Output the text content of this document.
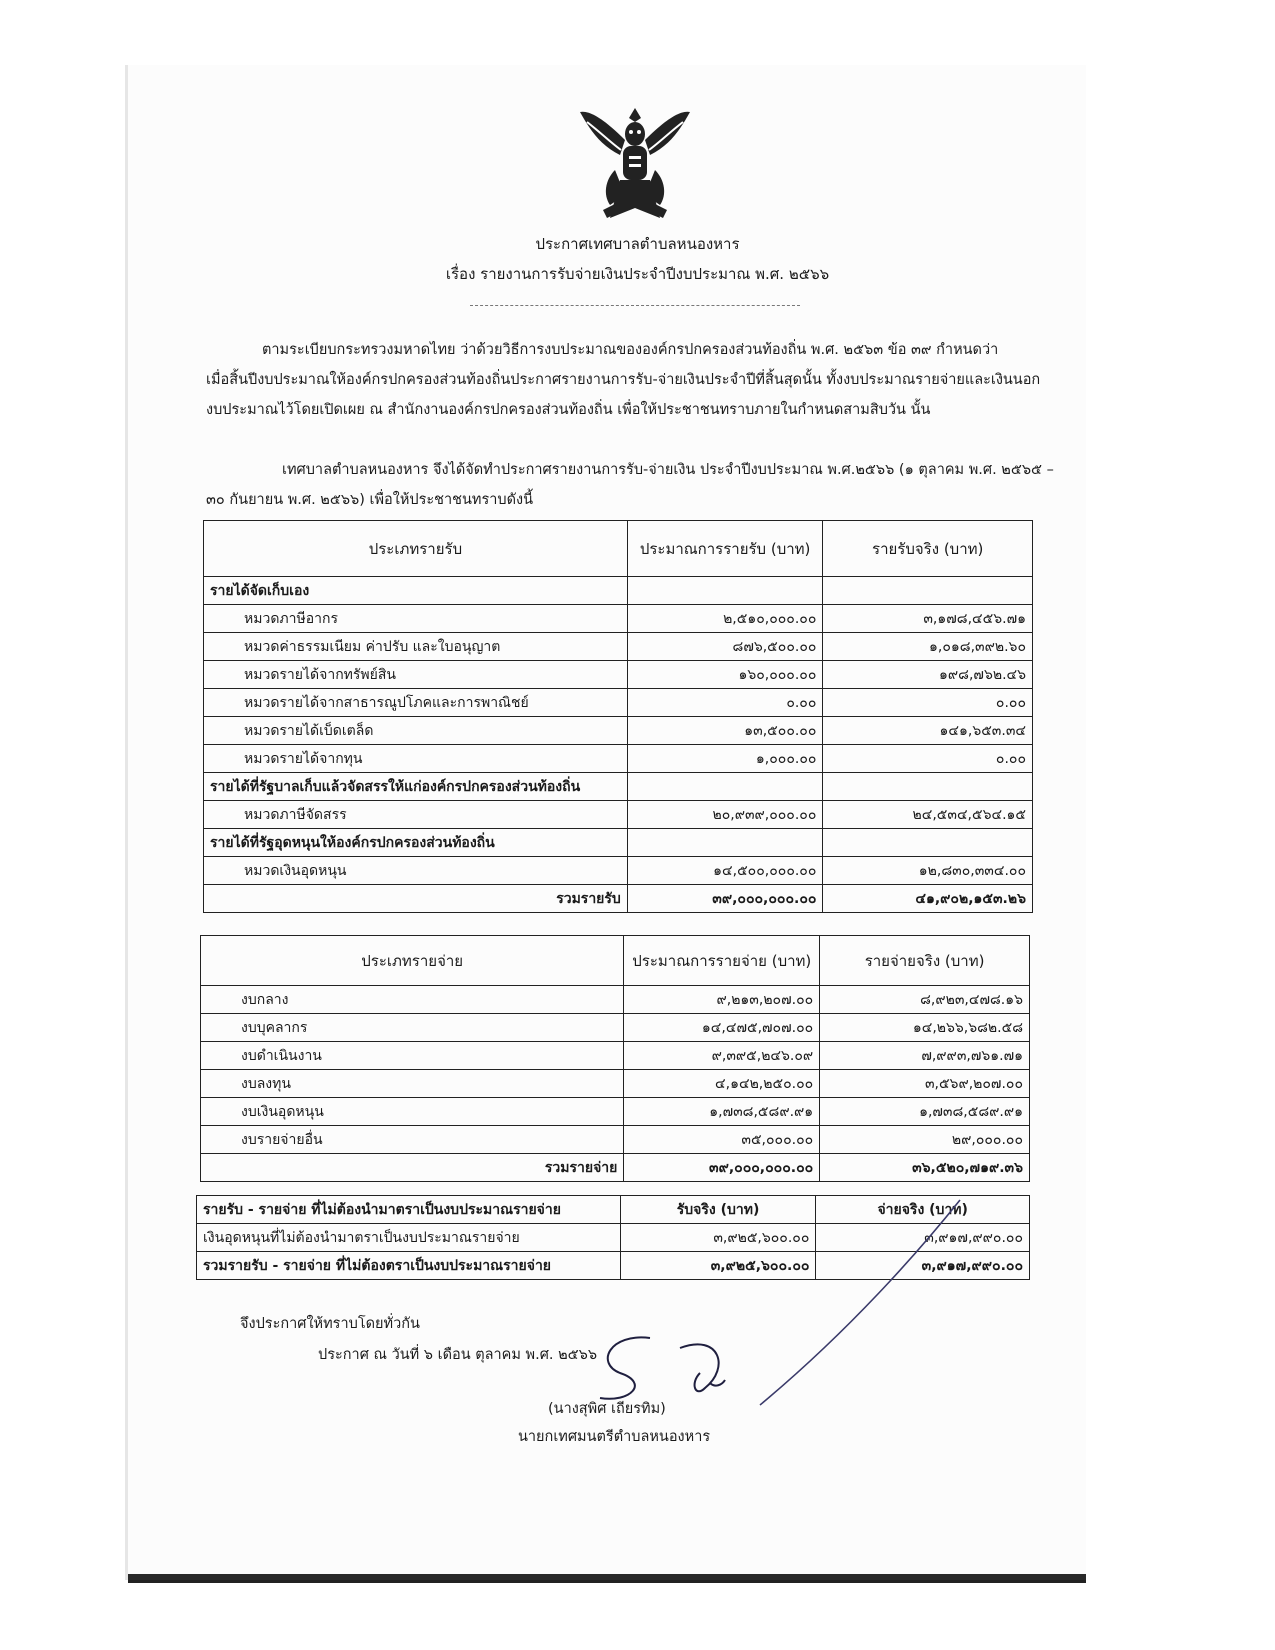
ประกาศเทศบาลตำบลหนองหาร
เรื่อง รายงานการรับจ่ายเงินประจำปีงบประมาณ พ.ศ. ๒๕๖๖
ตามระเบียบกระทรวงมหาดไทย ว่าด้วยวิธีการงบประมาณขององค์กรปกครองส่วนท้องถิ่น พ.ศ. ๒๕๖๓ ข้อ ๓๙ กำหนดว่า
เมื่อสิ้นปีงบประมาณให้องค์กรปกครองส่วนท้องถิ่นประกาศรายงานการรับ-จ่ายเงินประจำปีที่สิ้นสุดนั้น ทั้งงบประมาณรายจ่ายและเงินนอก
งบประมาณไว้โดยเปิดเผย ณ สำนักงานองค์กรปกครองส่วนท้องถิ่น เพื่อให้ประชาชนทราบภายในกำหนดสามสิบวัน นั้น
เทศบาลตำบลหนองหาร จึงได้จัดทำประกาศรายงานการรับ-จ่ายเงิน ประจำปีงบประมาณ พ.ศ.๒๕๖๖ (๑ ตุลาคม พ.ศ. ๒๕๖๕ –
๓๐ กันยายน พ.ศ. ๒๕๖๖) เพื่อให้ประชาชนทราบดังนี้
ประเภทรายรับ	ประมาณการรายรับ (บาท)	รายรับจริง (บาท)
รายได้จัดเก็บเอง		
หมวดภาษีอากร	๒,๕๑๐,๐๐๐.๐๐	๓,๑๗๘,๔๕๖.๗๑
หมวดค่าธรรมเนียม ค่าปรับ และใบอนุญาต	๘๗๖,๕๐๐.๐๐	๑,๐๑๘,๓๙๒.๖๐
หมวดรายได้จากทรัพย์สิน	๑๖๐,๐๐๐.๐๐	๑๙๘,๗๖๒.๔๖
หมวดรายได้จากสาธารณูปโภคและการพาณิชย์	๐.๐๐	๐.๐๐
หมวดรายได้เบ็ดเตล็ด	๑๓,๕๐๐.๐๐	๑๔๑,๖๕๓.๓๔
หมวดรายได้จากทุน	๑,๐๐๐.๐๐	๐.๐๐
รายได้ที่รัฐบาลเก็บแล้วจัดสรรให้แก่องค์กรปกครองส่วนท้องถิ่น		
หมวดภาษีจัดสรร	๒๐,๙๓๙,๐๐๐.๐๐	๒๔,๕๓๔,๕๖๔.๑๕
รายได้ที่รัฐอุดหนุนให้องค์กรปกครองส่วนท้องถิ่น		
หมวดเงินอุดหนุน	๑๔,๕๐๐,๐๐๐.๐๐	๑๒,๘๓๐,๓๓๔.๐๐
รวมรายรับ	๓๙,๐๐๐,๐๐๐.๐๐	๔๑,๙๐๒,๑๕๓.๒๖
ประเภทรายจ่าย	ประมาณการรายจ่าย (บาท)	รายจ่ายจริง (บาท)
งบกลาง	๙,๒๑๓,๒๐๗.๐๐	๘,๙๒๓,๔๗๘.๑๖
งบบุคลากร	๑๔,๔๗๕,๗๐๗.๐๐	๑๔,๒๖๖,๖๘๒.๕๘
งบดำเนินงาน	๙,๓๙๕,๒๔๖.๐๙	๗,๙๙๓,๗๖๑.๗๑
งบลงทุน	๔,๑๔๒,๒๕๐.๐๐	๓,๕๖๙,๒๐๗.๐๐
งบเงินอุดหนุน	๑,๗๓๘,๕๘๙.๙๑	๑,๗๓๘,๕๘๙.๙๑
งบรายจ่ายอื่น	๓๕,๐๐๐.๐๐	๒๙,๐๐๐.๐๐
รวมรายจ่าย	๓๙,๐๐๐,๐๐๐.๐๐	๓๖,๕๒๐,๗๑๙.๓๖
รายรับ - รายจ่าย ที่ไม่ต้องนำมาตราเป็นงบประมาณรายจ่าย	รับจริง (บาท)	จ่ายจริง (บาท)
เงินอุดหนุนที่ไม่ต้องนำมาตราเป็นงบประมาณรายจ่าย	๓,๙๒๕,๖๐๐.๐๐	๓,๙๑๗,๙๙๐.๐๐
รวมรายรับ - รายจ่าย ที่ไม่ต้องตราเป็นงบประมาณรายจ่าย	๓,๙๒๕,๖๐๐.๐๐	๓,๙๑๗,๙๙๐.๐๐
จึงประกาศให้ทราบโดยทั่วกัน
ประกาศ ณ วันที่ ๖ เดือน ตุลาคม พ.ศ. ๒๕๖๖
(นางสุพิศ เถียรทิม)
นายกเทศมนตรีตำบลหนองหาร
